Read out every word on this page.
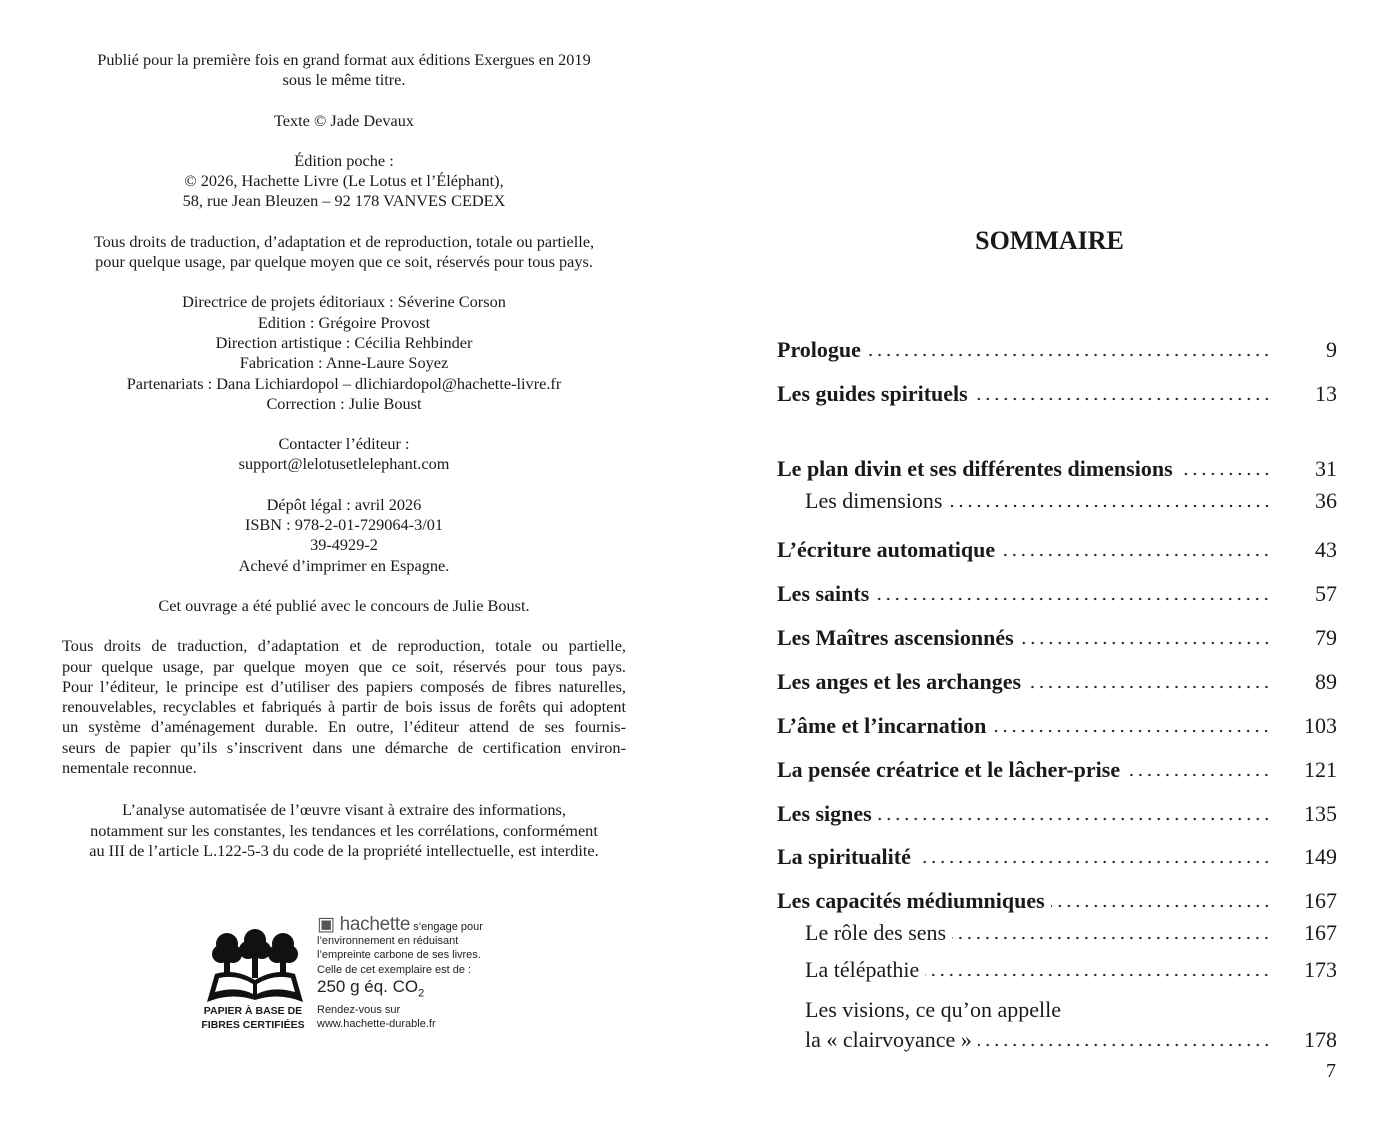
Publié pour la première fois en grand format aux éditions Exergues en 2019
sous le même titre.
Texte © Jade Devaux
Édition poche :
© 2026, Hachette Livre (Le Lotus et l’Éléphant),
58, rue Jean Bleuzen – 92 178 VANVES CEDEX
Tous droits de traduction, d’adaptation et de reproduction, totale ou partielle,
pour quelque usage, par quelque moyen que ce soit, réservés pour tous pays.
Directrice de projets éditoriaux : Séverine Corson
Edition : Grégoire Provost
Direction artistique : Cécilia Rehbinder
Fabrication : Anne-Laure Soyez
Partenariats : Dana Lichiardopol – dlichiardopol@hachette-livre.fr
Correction : Julie Boust
Contacter l’éditeur :
support@lelotusetlelephant.com
Dépôt légal : avril 2026
ISBN : 978-2-01-729064-3/01
39-4929-2
Achevé d’imprimer en Espagne.
Cet ouvrage a été publié avec le concours de Julie Boust.
Tous droits de traduction, d’adaptation et de reproduction, totale ou partielle,
pour quelque usage, par quelque moyen que ce soit, réservés pour tous pays.
Pour l’éditeur, le principe est d’utiliser des papiers composés de fibres naturelles,
renouvelables, recyclables et fabriqués à partir de bois issus de forêts qui adoptent
un système d’aménagement durable. En outre, l’éditeur attend de ses fournis-
seurs de papier qu’ils s’inscrivent dans une démarche de certification environ-
nementale reconnue.
L’analyse automatisée de l’œuvre visant à extraire des informations,
notamment sur les constantes, les tendances et les corrélations, conformément
au III de l’article L.122-5-3 du code de la propriété intellectuelle, est interdite.
PAPIER À BASE DE
FIBRES CERTIFIÉES
▣ hachette s’engage pour
l’environnement en réduisant
l’empreinte carbone de ses livres.
Celle de cet exemplaire est de :
250 g éq. $CO_2$
Rendez-vous sur
www.hachette-durable.fr
SOMMAIRE
Prologue	9
Les guides spirituels	13
Le plan divin et ses différentes dimensions	31
Les dimensions	36
L’écriture automatique	43
Les saints	57
Les Maîtres ascensionnés	79
Les anges et les archanges	89
L’âme et l’incarnation	103
La pensée créatrice et le lâcher-prise	121
Les signes	135
La spiritualité	149
Les capacités médiumniques	167
Le rôle des sens	167
La télépathie	173
Les visions, ce qu’on appelle
la « clairvoyance »	178
7
